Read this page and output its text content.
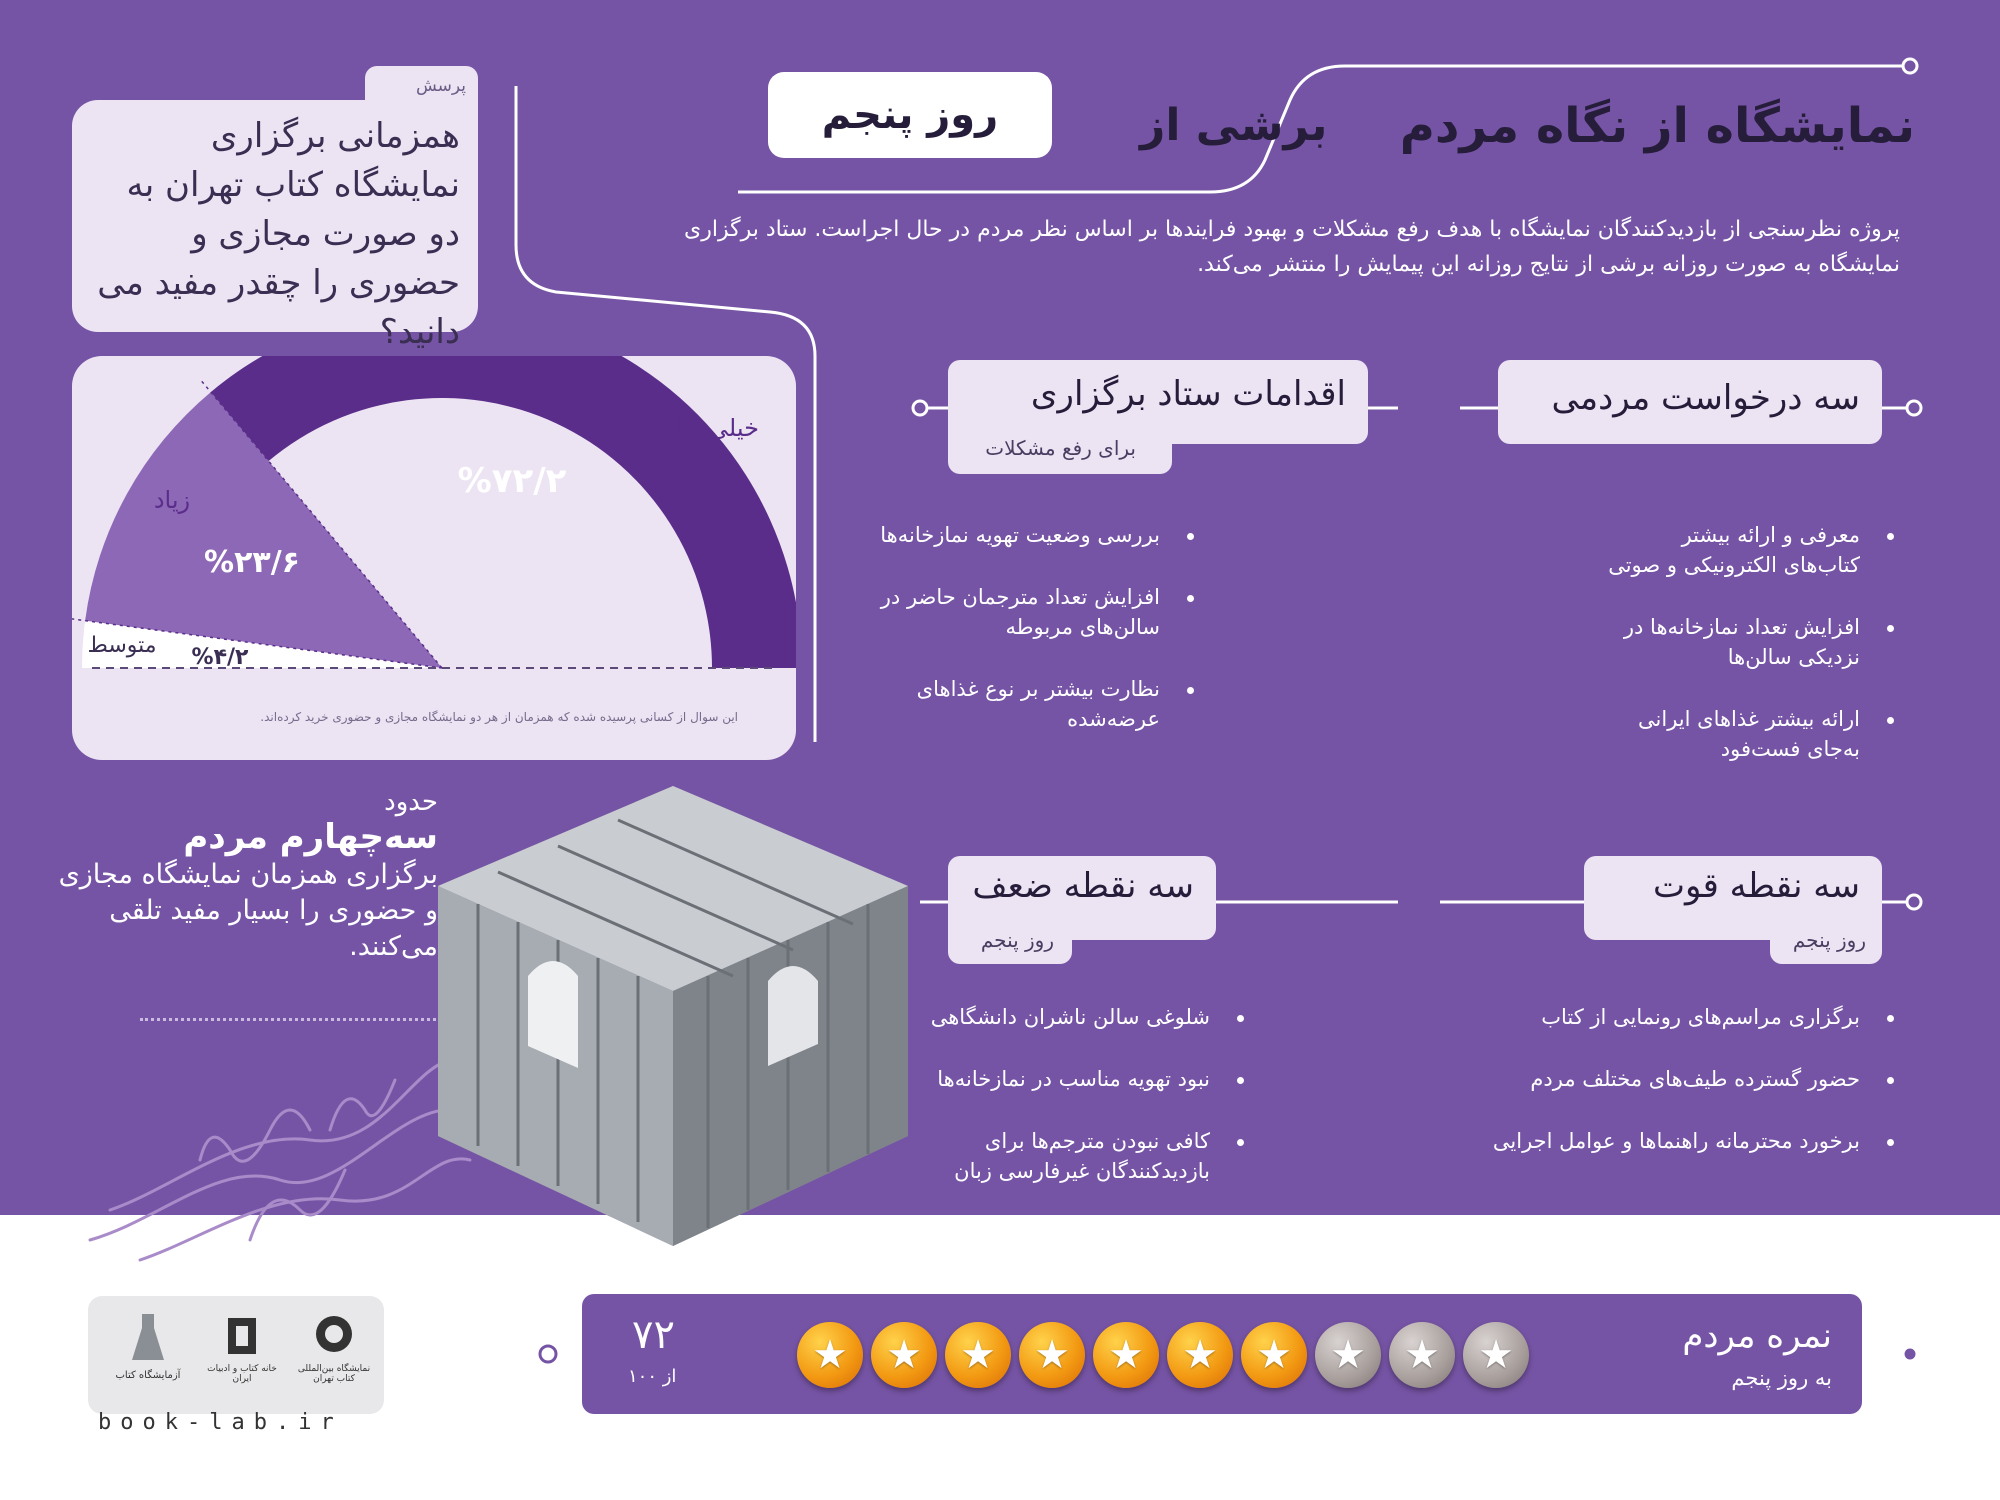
نمایشگاه از نگاه مردم
برشی از
روز پنجم
پروژه نظرسنجی از بازدیدکنندگان نمایشگاه با هدف رفع مشکلات و بهبود فرایندها بر اساس نظر مردم در حال اجراست. ستاد برگزاری نمایشگاه به صورت روزانه برشی از نتایج روزانه این پیمایش را منتشر می‌کند.
پرسش
همزمانی برگزاری نمایشگاه کتاب تهران به دو صورت مجازی و حضوری را چقدر مفید می دانید؟
%۷۲/۲
خیلی زیاد
%۲۳/۶
زیاد
%۴/۲
متوسط
این سوال از کسانی پرسیده شده که همزمان از هر دو نمایشگاه مجازی و حضوری خرید کرده‌اند.
حدود
سه‌چهارم مردم
برگزاری همزمان نمایشگاه مجازی و حضوری را بسیار مفید تلقی می‌کنند.
سه درخواست مردمی
معرفی و ارائه بیشتر کتاب‌های الکترونیکی و صوتی
افزایش تعداد نمازخانه‌ها در نزدیکی سالن‌ها
ارائه بیشتر غذاهای ایرانی به‌جای فست‌فود
اقدامات ستاد برگزاری
برای رفع مشکلات
بررسی وضعیت تهویه نمازخانه‌ها
افزایش تعداد مترجمان حاضر در سالن‌های مربوطه
نظارت بیشتر بر نوع غذاهای عرضه‌شده
سه نقطه قوت
روز پنجم
برگزاری مراسم‌های رونمایی از کتاب
حضور گسترده طیف‌های مختلف مردم
برخورد محترمانه راهنماها و عوامل اجرایی
سه نقطه ضعف
روز پنجم
شلوغی سالن ناشران دانشگاهی
نبود تهویه مناسب در نمازخانه‌ها
کافی نبودن مترجم‌ها برای بازدیدکنندگان غیرفارسی زبان
نمره مردم
به روز پنجم
★ ★ ★ ★ ★ ★ ★ ★ ★ ★
۷۲
از ۱۰۰
آزمایشگاه کتاب
خانه کتاب و ادبیات ایران
نمایشگاه بین‌المللی کتاب تهران
book-lab.ir
